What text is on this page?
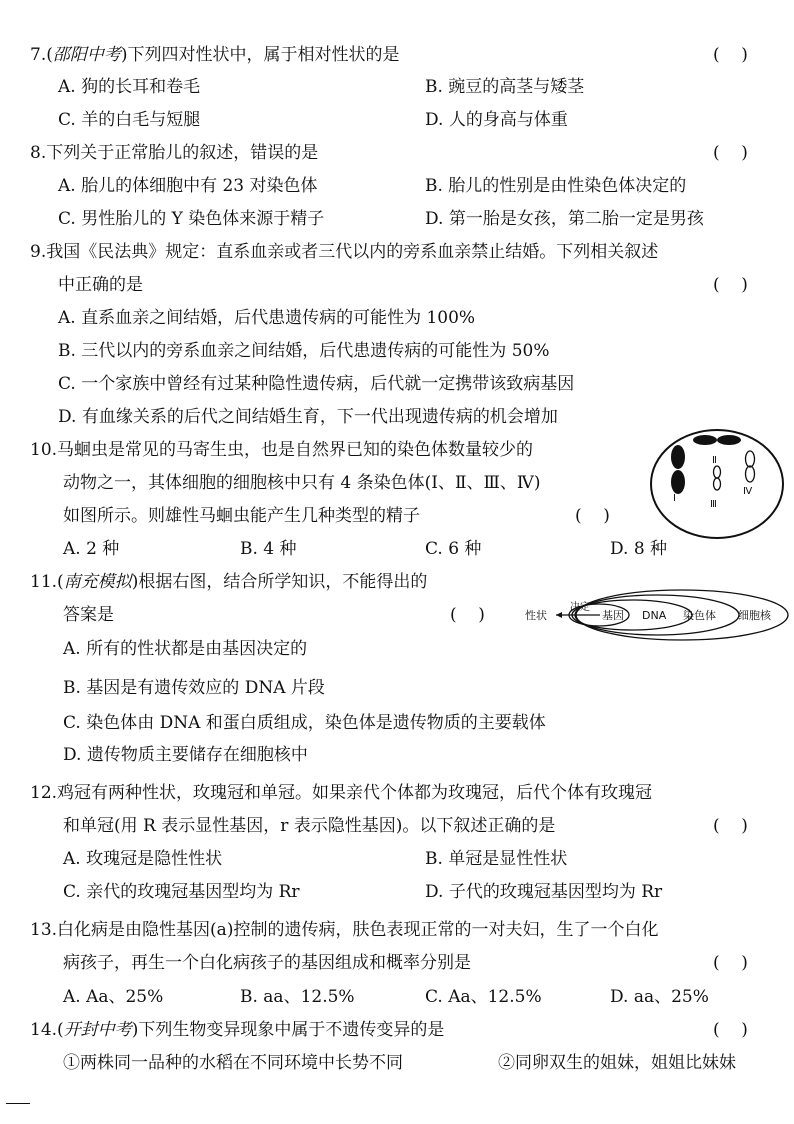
7.(邵阳中考)下列四对性状中，属于相对性状的是	(    )
A. 狗的长耳和卷毛	B. 豌豆的高茎与矮茎
C. 羊的白毛与短腿	D. 人的身高与体重
8.下列关于正常胎儿的叙述，错误的是	(    )
A. 胎儿的体细胞中有 23 对染色体	B. 胎儿的性别是由性染色体决定的
C. 男性胎儿的 Y 染色体来源于精子	D. 第一胎是女孩，第二胎一定是男孩
9.我国《民法典》规定：直系血亲或者三代以内的旁系血亲禁止结婚。下列相关叙述
中正确的是	(    )
A. 直系血亲之间结婚，后代患遗传病的可能性为 100%
B. 三代以内的旁系血亲之间结婚，后代患遗传病的可能性为 50%
C. 一个家族中曾经有过某种隐性遗传病，后代就一定携带该致病基因
D. 有血缘关系的后代之间结婚生育，下一代出现遗传病的机会增加
10.马蛔虫是常见的马寄生虫，也是自然界已知的染色体数量较少的
动物之一，其体细胞的细胞核中只有 4 条染色体(Ⅰ、Ⅱ、Ⅲ、Ⅳ)
如图所示。则雄性马蛔虫能产生几种类型的精子	(    )
A. 2 种	B. 4 种	C. 6 种	D. 8 种
Ⅰ
Ⅱ
Ⅲ
Ⅳ
11.(南充模拟)根据右图，结合所学知识，不能得出的
答案是	(    )
A. 所有的性状都是由基因决定的
B. 基因是有遗传效应的 DNA 片段
C. 染色体由 DNA 和蛋白质组成，染色体是遗传物质的主要载体
D. 遗传物质主要储存在细胞核中
性状
决定
基因 DNA 染色体 细胞核
12.鸡冠有两种性状，玫瑰冠和单冠。如果亲代个体都为玫瑰冠，后代个体有玫瑰冠
和单冠(用 R 表示显性基因，r 表示隐性基因)。以下叙述正确的是	(    )
A. 玫瑰冠是隐性性状	B. 单冠是显性性状
C. 亲代的玫瑰冠基因型均为 Rr	D. 子代的玫瑰冠基因型均为 Rr
13.白化病是由隐性基因(a)控制的遗传病，肤色表现正常的一对夫妇，生了一个白化
病孩子，再生一个白化病孩子的基因组成和概率分别是	(    )
A. Aa、25%	B. aa、12.5%	C. Aa、12.5%	D. aa、25%
14.(开封中考)下列生物变异现象中属于不遗传变异的是	(    )
①两株同一品种的水稻在不同环境中长势不同	②同卵双生的姐妹，姐姐比妹妹
